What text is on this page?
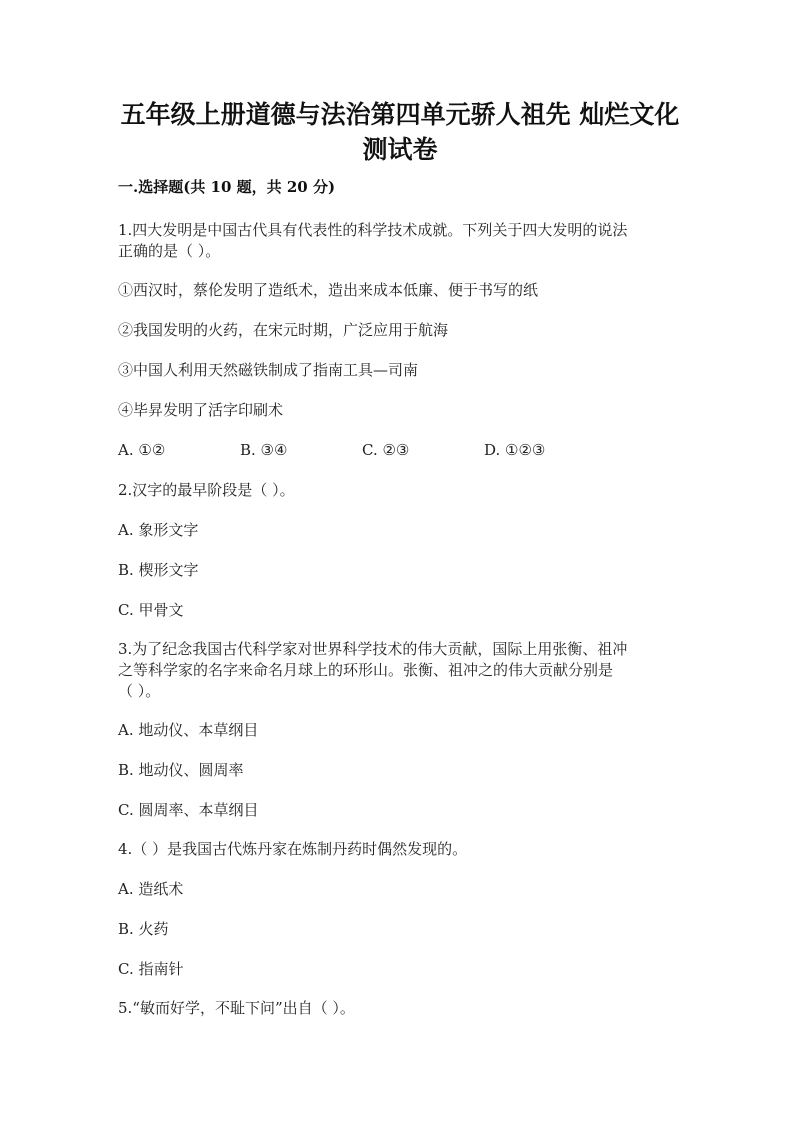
五年级上册道德与法治第四单元骄人祖先 灿烂文化
测试卷
一.选择题(共 10 题，共 20 分)
1.四大发明是中国古代具有代表性的科学技术成就。下列关于四大发明的说法
正确的是（ ）。
①西汉时，蔡伦发明了造纸术，造出来成本低廉、便于书写的纸
②我国发明的火药，在宋元时期，广泛应用于航海
③中国人利用天然磁铁制成了指南工具—司南
④毕昇发明了活字印刷术
A. ①②	B. ③④	C. ②③	D. ①②③
2.汉字的最早阶段是（ ）。
A. 象形文字
B. 楔形文字
C. 甲骨文
3.为了纪念我国古代科学家对世界科学技术的伟大贡献，国际上用张衡、祖冲
之等科学家的名字来命名月球上的环形山。张衡、祖冲之的伟大贡献分别是
（ ）。
A. 地动仪、本草纲目
B. 地动仪、圆周率
C. 圆周率、本草纲目
4.（ ）是我国古代炼丹家在炼制丹药时偶然发现的。
A. 造纸术
B. 火药
C. 指南针
5.“敏而好学，不耻下问”出自（ ）。
